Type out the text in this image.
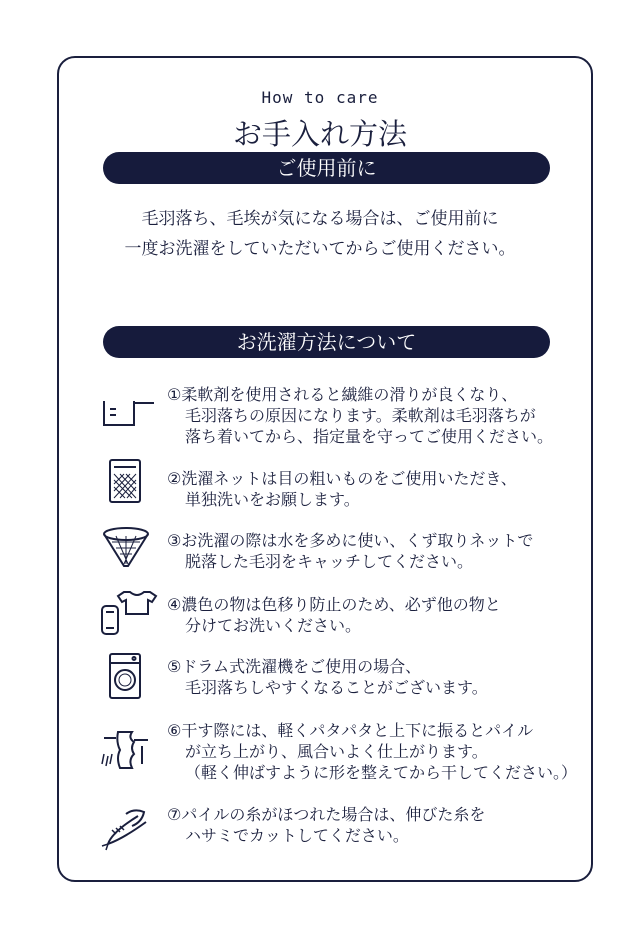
How to care
お手入れ方法
ご使用前に
毛羽落ち、毛埃が気になる場合は、ご使用前に
一度お洗濯をしていただいてからご使用ください。
お洗濯方法について
①柔軟剤を使用されると繊維の滑りが良くなり、
毛羽落ちの原因になります。柔軟剤は毛羽落ちが
落ち着いてから、指定量を守ってご使用ください。
②洗濯ネットは目の粗いものをご使用いただき、
単独洗いをお願します。
③お洗濯の際は水を多めに使い、くず取りネットで
脱落した毛羽をキャッチしてください。
④濃色の物は色移り防止のため、必ず他の物と
分けてお洗いください。
⑤ドラム式洗濯機をご使用の場合、
毛羽落ちしやすくなることがございます。
⑥干す際には、軽くパタパタと上下に振るとパイル
が立ち上がり、風合いよく仕上がります。
（軽く伸ばすように形を整えてから干してください。）
⑦パイルの糸がほつれた場合は、伸びた糸を
ハサミでカットしてください。
